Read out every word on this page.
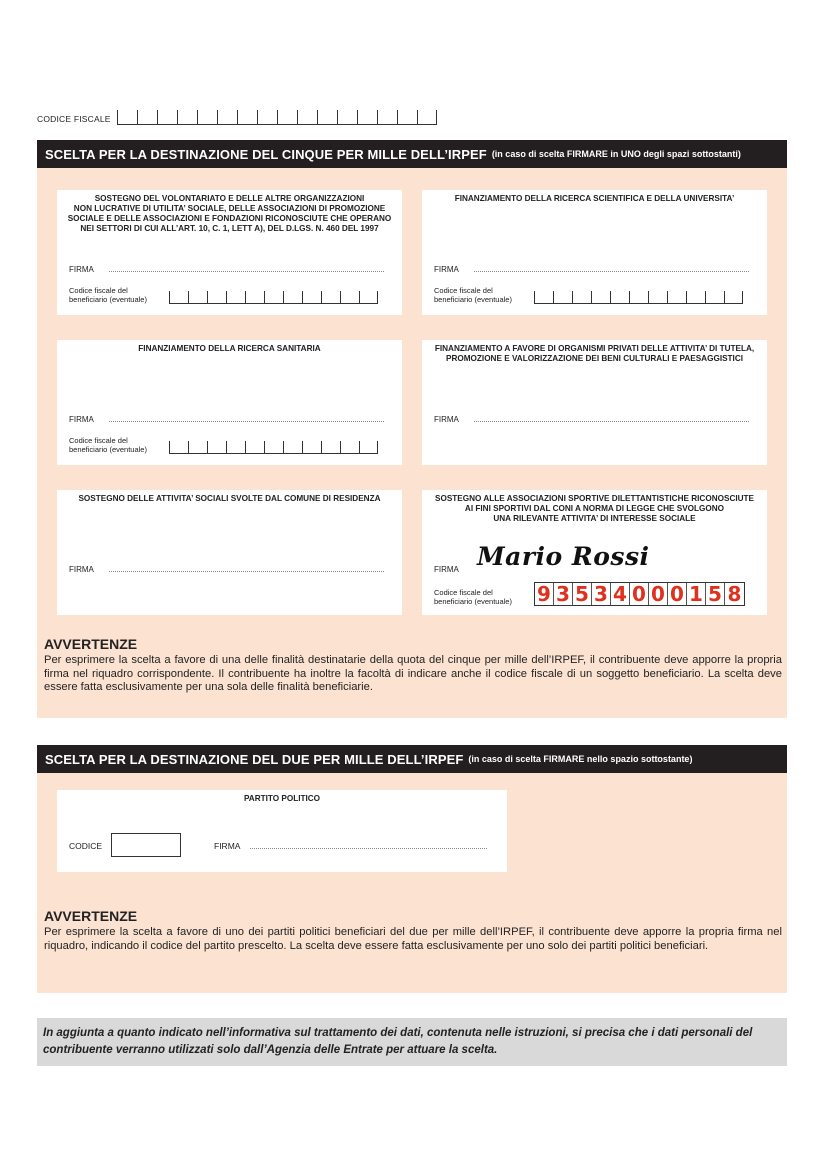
CODICE FISCALE
SCELTA PER LA DESTINAZIONE DEL CINQUE PER MILLE DELL’IRPEF (in caso di scelta FIRMARE in UNO degli spazi sottostanti)
SOSTEGNO DEL VOLONTARIATO E DELLE ALTRE ORGANIZZAZIONI
NON LUCRATIVE DI UTILITA’ SOCIALE, DELLE ASSOCIAZIONI DI PROMOZIONE
SOCIALE E DELLE ASSOCIAZIONI E FONDAZIONI RICONOSCIUTE CHE OPERANO
NEI SETTORI DI CUI ALL’ART. 10, C. 1, LETT A), DEL D.LGS. N. 460 DEL 1997
FIRMA
Codice fiscale del
beneficiario (eventuale)
FINANZIAMENTO DELLA RICERCA SCIENTIFICA E DELLA UNIVERSITA’
FIRMA
Codice fiscale del
beneficiario (eventuale)
FINANZIAMENTO DELLA RICERCA SANITARIA
FIRMA
Codice fiscale del
beneficiario (eventuale)
FINANZIAMENTO A FAVORE DI ORGANISMI PRIVATI DELLE ATTIVITA’ DI TUTELA,
PROMOZIONE E VALORIZZAZIONE DEI BENI CULTURALI E PAESAGGISTICI
FIRMA
SOSTEGNO DELLE ATTIVITA’ SOCIALI SVOLTE DAL COMUNE DI RESIDENZA
FIRMA
SOSTEGNO ALLE ASSOCIAZIONI SPORTIVE DILETTANTISTICHE RICONOSCIUTE
AI FINI SPORTIVI DAL CONI A NORMA DI LEGGE CHE SVOLGONO
UNA RILEVANTE ATTIVITA’ DI INTERESSE SOCIALE
Mario Rossi
FIRMA
Codice fiscale del
beneficiario (eventuale)	9 3 5 3 4 0 0 0 1 5 8
AVVERTENZE
Per esprimere la scelta a favore di una delle finalità destinatarie della quota del cinque per mille dell’IRPEF, il contribuente deve apporre la propria firma nel riquadro corrispondente. Il contribuente ha inoltre la facoltà di indicare anche il codice fiscale di un soggetto beneficiario. La scelta deve essere fatta esclusivamente per una sola delle finalità beneficiarie.
SCELTA PER LA DESTINAZIONE DEL DUE PER MILLE DELL’IRPEF (in caso di scelta FIRMARE nello spazio sottostante)
PARTITO POLITICO
CODICE	FIRMA
AVVERTENZE
Per esprimere la scelta a favore di uno dei partiti politici beneficiari del due per mille dell’IRPEF, il contribuente deve apporre la propria firma nel riquadro, indicando il codice del partito prescelto. La scelta deve essere fatta esclusivamente per uno solo dei partiti politici beneficiari.
In aggiunta a quanto indicato nell’informativa sul trattamento dei dati, contenuta nelle istruzioni, si precisa che i dati personali del contribuente verranno utilizzati solo dall’Agenzia delle Entrate per attuare la scelta.
